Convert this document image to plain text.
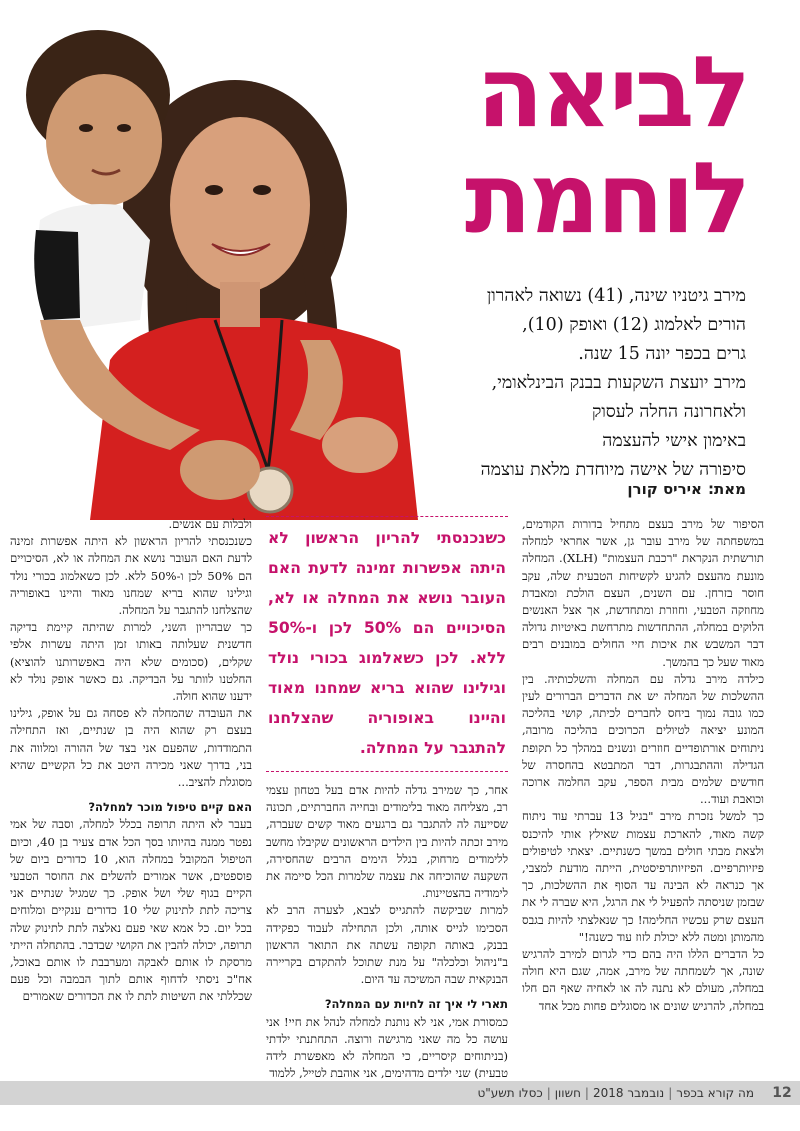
לביאה
לוחמת

מירב גיטניו שינה, (41) נשואה לאהרון

הורים לאלמוג (12) ואופק (10),

גרים בכפר יונה 15 שנה.

מירב יועצת השקעות בבנק הבינלאומי,

ולאחרונה החלה לעסוק

באימון אישי להעצמה

סיפורה של אישה מיוחדת מלאת עוצמה

מאת:איריס קורן

הסיפור של מירב בעצם מתחיל בדורות הקודמים, במשפחתה של מירב עובר גן, אשר אחראי למחלה תורשתית הנקראת "רכבת העצמות" (XLH). המחלה מונעת מהעצם להגיע לקשיחות הטבעית שלה, עקב חוסר בזרחן. עם השנים, העצם הולכת ומאבדת מחוזקה הטבעי, וחוזרת ומתחדשת, אך אצל האנשים הלוקים במחלה, ההתחדשות מתרחשת באיטיות גדולה דבר המשבש את איכות חיי החולים במובנים רבים מאוד שעל כך בהמשך.

כילדה מירב גדלה עם המחלה והשלכותיה. בין ההשלכות של המחלה יש את הדברים הברורים לעין כמו גובה נמוך ביחס לחברים לכיתה, קושי בהליכה המונע יציאה לטיולים הכרוכים בהליכה מרובה, ניתוחים אורתופדיים חוזרים ונשנים במהלך כל תקופת הגדילה וההתבגרות, דבר המתבטא בהחסרה של חודשים שלמים מבית הספר, עקב החלמה ארוכה וכואבת ועוד...

כך למשל נזכרת מירב "בגיל 13 עברתי עוד ניתוח קשה מאוד, להארכת עצמות שאילץ אותי להיכנס ולצאת מבתי חולים במשך כשנתיים. יצאתי לטיפולים פיזיותרפיים. הפיזיותרפיסטית, הייתה מודעת למצבי, אך כנראה לא הבינה עד הסוף את ההשלכות, כך שבזמן שניסתה להפעיל לי את הרגל, היא שברה לי את העצם שרק עכשיו החלימה! כך שנאלצתי להיות בגבס מהמותן ומטה ללא יכולת לזוז עוד כשנה!"

כל הדברים הללו היה בהם כדי לגרום למירב להרגיש שונה, אך לשמחתה של מירב, אמה, שגם היא חולה במחלה, מעולם לא נתנה לה או לאחיה שאף הם חלו במחלה, להרגיש שונים או מסוגלים פחות מכל אחד

כשנכנסתי להריון הראשון לא היתה אפשרות זמינה לדעת האם העובר נושא את המחלה או לא, הסיכויים הם 50% לכן ו-50% ללא. לכן כשאלמוג בכורי נולד וגילינו שהוא בריא שמחנו מאוד והיינו באופוריה שהצלחנו להתגבר על המחלה.

אחר, כך שמירב גדלה להיות אדם בעל בטחון עצמי רב, מצליחה מאוד בלימודים ובחייה החברתיים, תכונה שסייעה לה להתגבר גם ברגעים מאוד קשים שעברה, מירב זכתה להיות בין הילדים הראשונים שקיבלו מחשב ללימודים מרחוק, בגלל הימים הרבים שהחסירה, השקעה שהוכיחה את עצמה שלמרות הכל סיימה את לימודיה בהצטיינות.

למרות שביקשה להתגייס לצבא, לצערה הרב לא הסכימו לגייס אותה, ולכן התחילה לעבוד כפקידה בבנק, באותה תקופה עשתה את התואר הראשון ב"ניהול וכלכלה" על מנת שתוכל להתקדם בקריירה הבנקאית שבה המשיכה עד היום.

תארי לי איך זה לחיות עם המחלה?

כמסורת אמי, אני לא נותנת למחלה לנהל את חיי! אני עושה כל מה שאני מרגישה ורוצה. התחתנתי ילדתי (בניתוחים קיסריים, כי המחלה לא מאפשרת לידה טבעית) שני ילדים מדהימים, אני אוהבת לטייל, ללמוד

ולבלות עם אנשים.

כשנכנסתי להריון הראשון לא היתה אפשרות זמינה לדעת האם העובר נושא את המחלה או לא, הסיכויים הם 50% לכן ו-50% ללא. לכן כשאלמוג בכורי נולד וגילינו שהוא בריא שמחנו מאוד והיינו באופוריה שהצלחנו להתגבר על המחלה.

כך שבהריון השני, למרות שהיתה קיימת בדיקה חדשנית שעלותה באותו זמן היתה עשרות אלפי שקלים, (סכומים שלא היה באפשרותנו להוציא) החלטנו לוותר על הבדיקה. גם כאשר אופק נולד לא ידענו שהוא חולה.

את העובדה שהמחלה לא פסחה גם על אופק, גילינו בעצם רק שהוא היה בן שנתיים, ואז התחילה התמודדות, שהפעם אני בצד של ההורה ומלווה את בני, בדרך שאני מכירה היטב את כל הקשיים שהיא מסוגלת להציב...

האם קיים טיפול מוכר למחלה?

בעבר לא היתה תרופה בכלל למחלה, וסבה של אמי נפטר ממנה בהיותו בסך הכל אדם צעיר בן 40, וכיום הטיפול המקובל במחלה הוא, 10 כדורים ביום של פוספטים, אשר אמורים להשלים את החוסר הטבעי הקיים בגוף שלי ושל אופק. כך שמגיל שנתיים אני צריכה לתת לתינוק שלי 10 כדורים ענקיים ומלוחים בכל יום. כל אמא שאי פעם נאלצה לתת לתינוק שלה תרופה, יכולה להבין את הקושי שבדבר. בהתחלה הייתי מרסקת לו אותם לאבקה ומערבבת לו אותם באוכל, אח"כ ניסתי לדחוף אותם לתוך הבמבה וכל פעם שכללתי את השיטות לתת לו את הכדורים שאמורים

12
מה קורא בכפר|נובמבר 2018|חשוון|כסלו תשע"ט
